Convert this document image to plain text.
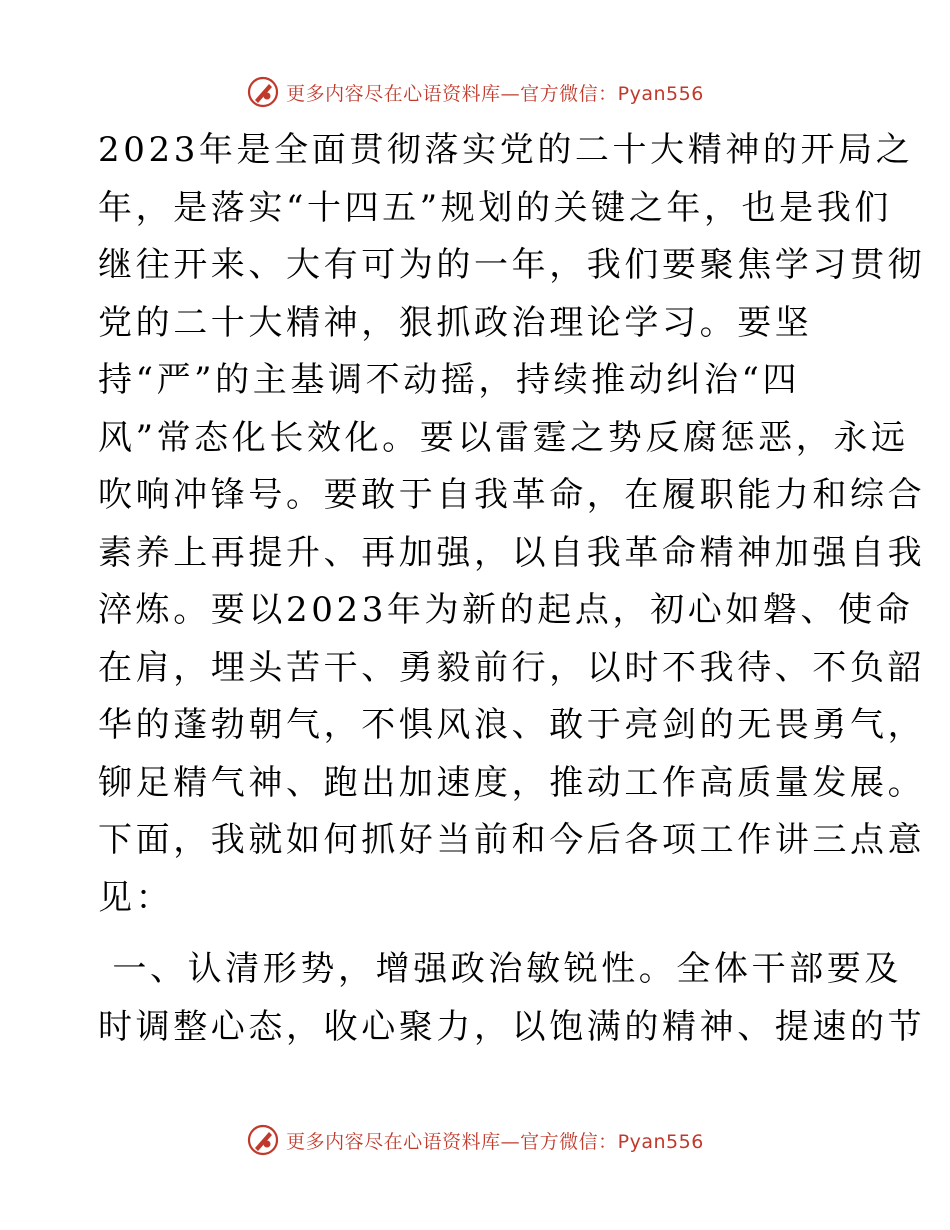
更多内容尽在心语资料库—官方微信：Pyan556
2023年是全面贯彻落实党的二十大精神的开局之
年，是落实“十四五”规划的关键之年，也是我们
继往开来、大有可为的一年，我们要聚焦学习贯彻
党的二十大精神，狠抓政治理论学习。要坚
持“严”的主基调不动摇，持续推动纠治“四
风”常态化长效化。要以雷霆之势反腐惩恶，永远
吹响冲锋号。要敢于自我革命，在履职能力和综合
素养上再提升、再加强，以自我革命精神加强自我
淬炼。要以2023年为新的起点，初心如磐、使命
在肩，埋头苦干、勇毅前行，以时不我待、不负韶
华的蓬勃朝气，不惧风浪、敢于亮剑的无畏勇气，
铆足精气神、跑出加速度，推动工作高质量发展。
下面，我就如何抓好当前和今后各项工作讲三点意
见：
一、认清形势，增强政治敏锐性。全体干部要及
时调整心态，收心聚力，以饱满的精神、提速的节
更多内容尽在心语资料库—官方微信：Pyan556
